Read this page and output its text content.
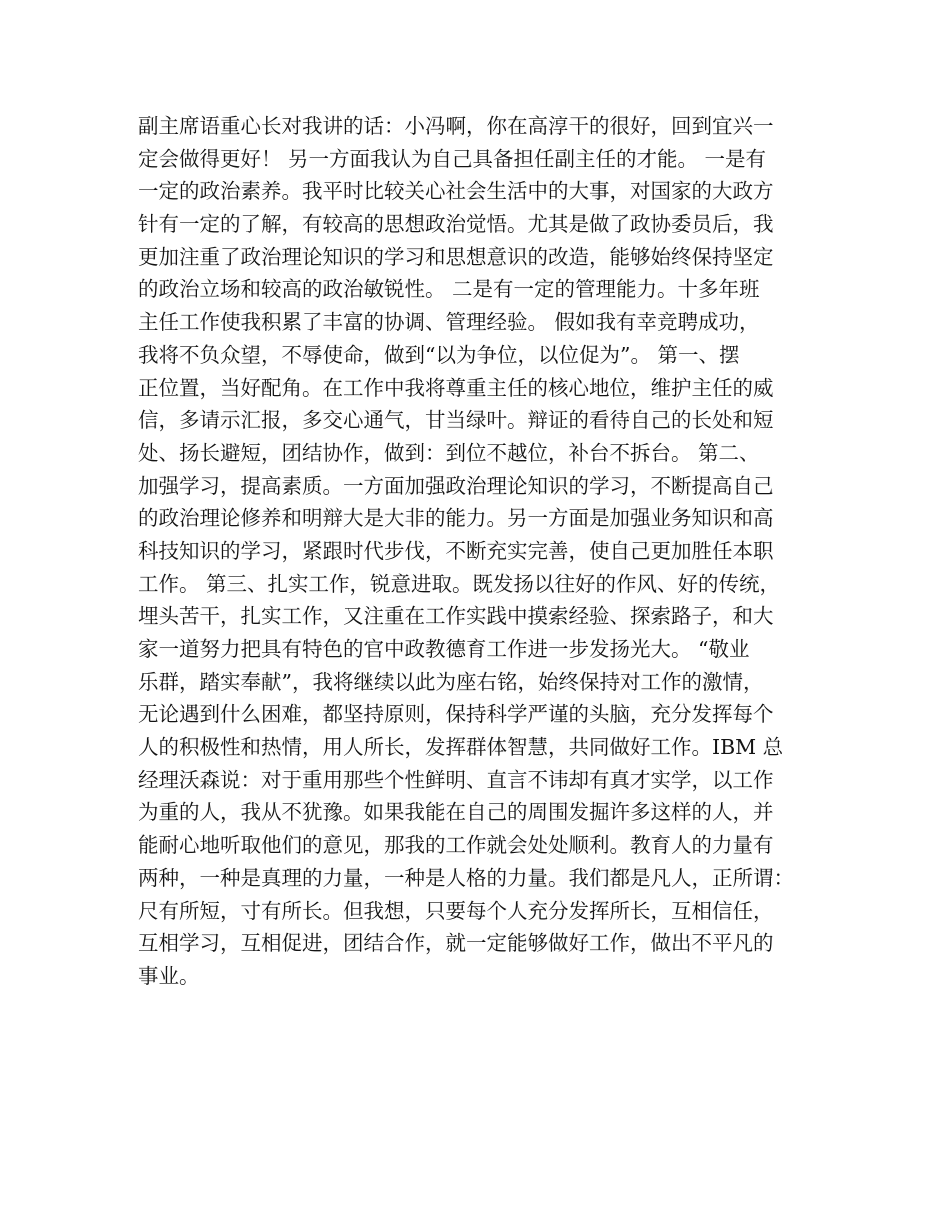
副主席语重心长对我讲的话：小冯啊，你在高淳干的很好，回到宜兴一
定会做得更好！ 另一方面我认为自己具备担任副主任的才能。 一是有
一定的政治素养。我平时比较关心社会生活中的大事，对国家的大政方
针有一定的了解，有较高的思想政治觉悟。尤其是做了政协委员后，我
更加注重了政治理论知识的学习和思想意识的改造，能够始终保持坚定
的政治立场和较高的政治敏锐性。 二是有一定的管理能力。十多年班
主任工作使我积累了丰富的协调、管理经验。 假如我有幸竞聘成功，
我将不负众望，不辱使命，做到“以为争位，以位促为”。 第一、摆
正位置，当好配角。在工作中我将尊重主任的核心地位，维护主任的威
信，多请示汇报，多交心通气，甘当绿叶。辩证的看待自己的长处和短
处、扬长避短，团结协作，做到：到位不越位，补台不拆台。 第二、
加强学习，提高素质。一方面加强政治理论知识的学习，不断提高自己
的政治理论修养和明辩大是大非的能力。另一方面是加强业务知识和高
科技知识的学习，紧跟时代步伐，不断充实完善，使自己更加胜任本职
工作。 第三、扎实工作，锐意进取。既发扬以往好的作风、好的传统，
埋头苦干，扎实工作，又注重在工作实践中摸索经验、探索路子，和大
家一道努力把具有特色的官中政教德育工作进一步发扬光大。 “敬业
乐群，踏实奉献”，我将继续以此为座右铭，始终保持对工作的激情，
无论遇到什么困难，都坚持原则，保持科学严谨的头脑，充分发挥每个
人的积极性和热情，用人所长，发挥群体智慧，共同做好工作。IBM 总
经理沃森说：对于重用那些个性鲜明、直言不讳却有真才实学，以工作
为重的人，我从不犹豫。如果我能在自己的周围发掘许多这样的人，并
能耐心地听取他们的意见，那我的工作就会处处顺利。教育人的力量有
两种，一种是真理的力量，一种是人格的力量。我们都是凡人，正所谓：
尺有所短，寸有所长。但我想，只要每个人充分发挥所长，互相信任，
互相学习，互相促进，团结合作，就一定能够做好工作，做出不平凡的
事业。
